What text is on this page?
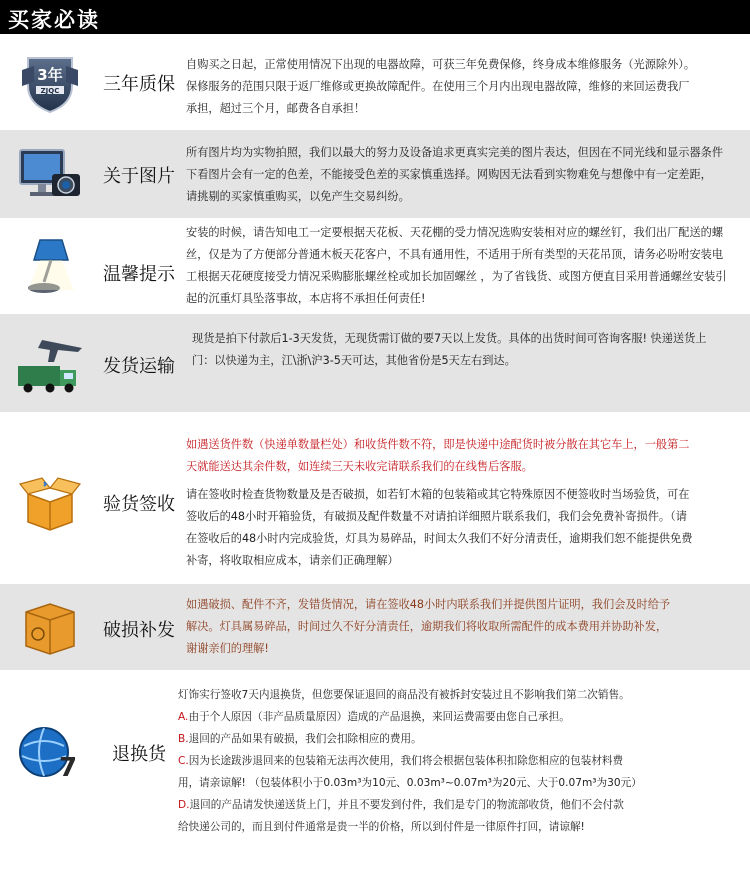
买家必读
3年
ZJQC	三年质保
自购买之日起，正常使用情况下出现的电器故障，可获三年免费保修，终身成本维修服务（光源除外）。
保修服务的范围只限于返厂维修或更换故障配件。在使用三个月内出现电器故障，维修的来回运费我厂
承担，超过三个月，邮费各自承担！
关于图片
所有图片均为实物拍照，我们以最大的努力及设备追求更真实完美的图片表达，但因在不同光线和显示器条件
下看图片会有一定的色差，不能接受色差的买家慎重选择。网购因无法看到实物难免与想像中有一定差距，
请挑剔的买家慎重购买，以免产生交易纠纷。
温馨提示
安装的时候，请告知电工一定要根据天花板、天花棚的受力情况选购安装相对应的螺丝钉，我们出厂配送的螺
丝，仅是为了方便部分普通木板天花客户，不具有通用性，不适用于所有类型的天花吊顶，请务必吩咐安装电
工根据天花硬度接受力情况采购膨胀螺丝栓或加长加固螺丝 ，为了省钱货、或图方便直目采用普通螺丝安装引
起的沉重灯具坠落事故，本店将不承担任何责任!
发货运输
现货是拍下付款后1-3天发货，无现货需订做的要7天以上发货。具体的出货时间可咨询客服! 快递送货上
门：以快递为主，江\浙\沪3-5天可达，其他省份是5天左右到达。
验货签收
如遇送货件数（快递单数量栏处）和收货件数不符，即是快递中途配货时被分散在其它车上，一般第二
天就能送达其余件数，如连续三天未收完请联系我们的在线售后客服。
请在签收时检查货物数量及是否破损，如若钉木箱的包装箱或其它特殊原因不便签收时当场验货，可在
签收后的48小时开箱验货，有破损及配件数量不对请拍详细照片联系我们，我们会免费补寄损件。（请
在签收后的48小时内完成验货，灯具为易碎品，时间太久我们不好分清责任，逾期我们恕不能提供免费
补寄，将收取相应成本，请亲们正确理解）
破损补发
如遇破损、配件不齐，发错货情况，请在签收48小时内联系我们并提供图片证明，我们会及时给予
解决。灯具属易碎品，时间过久不好分清责任，逾期我们将收取所需配件的成本费用并协助补发，
谢谢亲们的理解!
7	退换货
灯饰实行签收7天内退换货，但您要保证退回的商品没有被拆封安装过且不影响我们第二次销售。
A.由于个人原因（非产品质量原因）造成的产品退换，来回运费需要由您自己承担。
B.退回的产品如果有破损，我们会扣除相应的费用。
C.因为长途跋涉退回来的包装箱无法再次使用，我们将会根据包装体积扣除您相应的包装材料费
用，请亲谅解! （包装体积小于0.03m³为10元、0.03m³~0.07m³为20元、大于0.07m³为30元）
D.退回的产品请发快递送货上门，并且不要发到付件，我们是专门的物流部收货，他们不会付款
给快递公司的，而且到付件通常是贵一半的价格，所以到付件是一律原件打回，请谅解!
